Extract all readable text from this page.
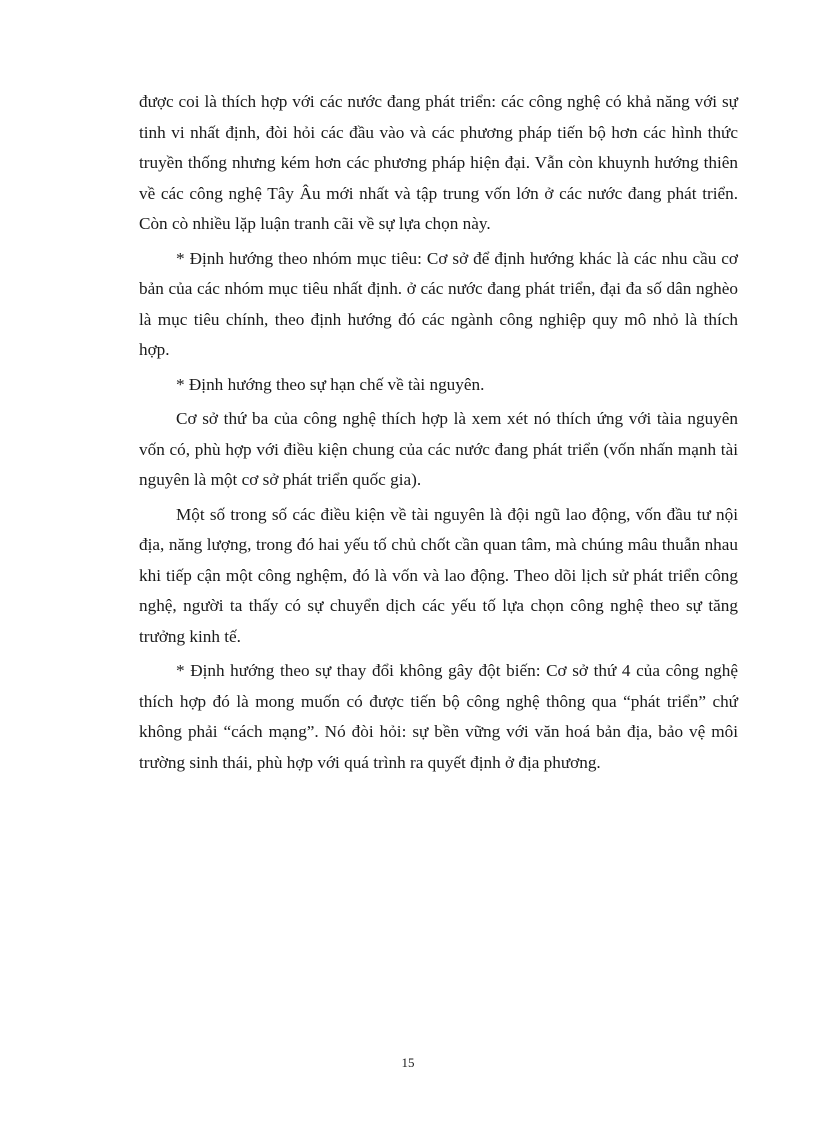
được coi là thích hợp với các nước đang phát triển: các công nghệ có khả năng với sự tinh vi nhất định, đòi hỏi các đầu vào và các phương pháp tiến bộ hơn các hình thức truyền thống nhưng kém hơn các phương pháp hiện đại. Vẫn còn khuynh hướng thiên về các công nghệ Tây Âu mới nhất và tập trung vốn lớn ở các nước đang phát triển. Còn cò nhiều lặp luận tranh cãi về sự lựa chọn này.

* Định hướng theo nhóm mục tiêu: Cơ sở để định hướng khác là các nhu cầu cơ bản của các nhóm mục tiêu nhất định. ở các nước đang phát triển, đại đa số dân nghèo là mục tiêu chính, theo định hướng đó các ngành công nghiệp quy mô nhỏ là thích hợp.

* Định hướng theo sự hạn chế về tài nguyên.

Cơ sở thứ ba của công nghệ thích hợp là xem xét nó thích ứng với tàia nguyên vốn có, phù hợp với điều kiện chung của các nước đang phát triển (vốn nhấn mạnh tài nguyên là một cơ sở phát triển quốc gia).

Một số trong số các điều kiện về tài nguyên là đội ngũ lao động, vốn đầu tư nội địa, năng lượng, trong đó hai yếu tố chủ chốt cần quan tâm, mà chúng mâu thuẫn nhau khi tiếp cận một công nghệm, đó là vốn và lao động. Theo dõi lịch sử phát triển công nghệ, người ta thấy có sự chuyển dịch các yếu tố lựa chọn công nghệ theo sự tăng trưởng kinh tế.

* Định hướng theo sự thay đổi không gây đột biến: Cơ sở thứ 4 của công nghệ thích hợp đó là mong muốn có được tiến bộ công nghệ thông qua “phát triển” chứ không phải “cách mạng”. Nó đòi hỏi: sự bền vững với văn hoá bản địa, bảo vệ môi trường sinh thái, phù hợp với quá trình ra quyết định ở địa phương.

15
